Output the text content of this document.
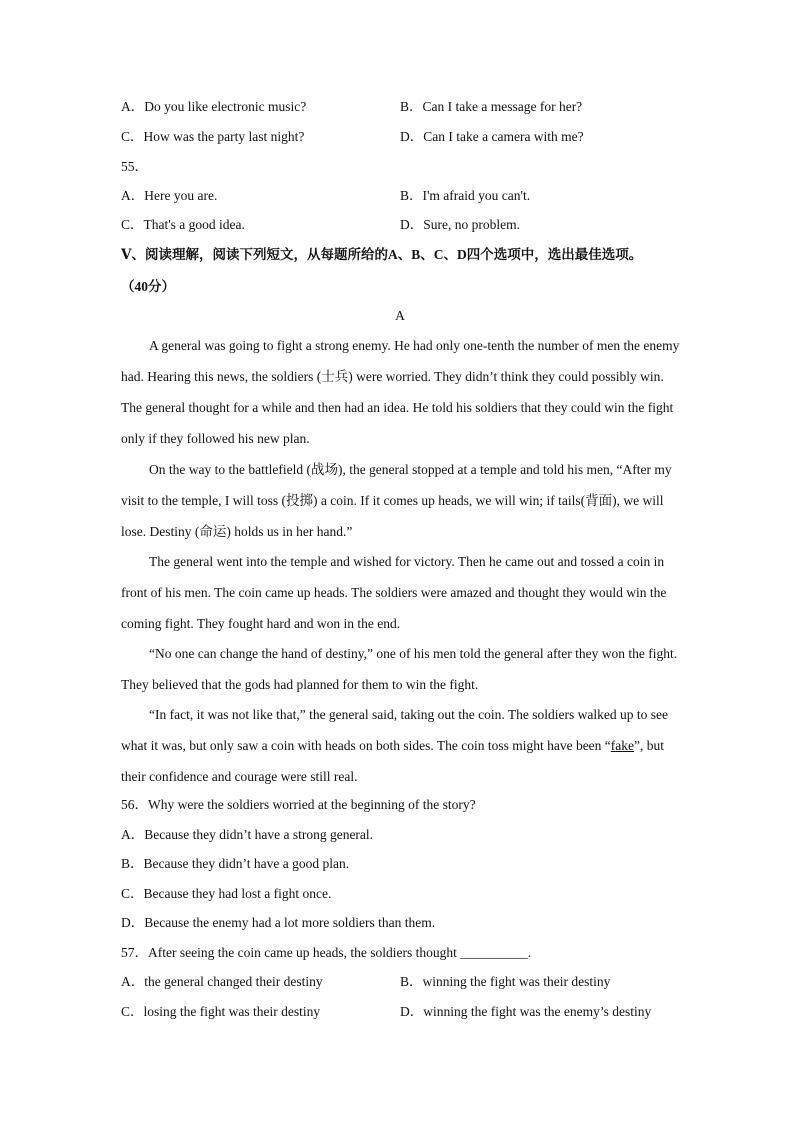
A．Do you like electronic music?	B．Can I take a message for her?
C．How was the party last night?	D．Can I take a camera with me?
55．
A．Here you are.	B．I'm afraid you can't.
C．That's a good idea.	D．Sure, no problem.
Ⅴ、阅读理解，阅读下列短文，从每题所给的A、B、C、D四个选项中，选出最佳选项。
（40分）
A
A general was going to fight a strong enemy. He had only one-tenth the number of men the enemy had. Hearing this news, the soldiers (士兵) were worried. They didn’t think they could possibly win. The general thought for a while and then had an idea. He told his soldiers that they could win the fight only if they followed his new plan.
On the way to the battlefield (战场), the general stopped at a temple and told his men, “After my visit to the temple, I will toss (投掷) a coin. If it comes up heads, we will win; if tails(背面), we will lose. Destiny (命运) holds us in her hand.”
The general went into the temple and wished for victory. Then he came out and tossed a coin in front of his men. The coin came up heads. The soldiers were amazed and thought they would win the coming fight. They fought hard and won in the end.
“No one can change the hand of destiny,” one of his men told the general after they won the fight. They believed that the gods had planned for them to win the fight.
“In fact, it was not like that,” the general said, taking out the coin. The soldiers walked up to see what it was, but only saw a coin with heads on both sides. The coin toss might have been “fake”, but their confidence and courage were still real.
56．Why were the soldiers worried at the beginning of the story?
A．Because they didn’t have a strong general.
B．Because they didn’t have a good plan.
C．Because they had lost a fight once.
D．Because the enemy had a lot more soldiers than them.
57．After seeing the coin came up heads, the soldiers thought __________.
A．the general changed their destiny	B．winning the fight was their destiny
C．losing the fight was their destiny	D．winning the fight was the enemy’s destiny
